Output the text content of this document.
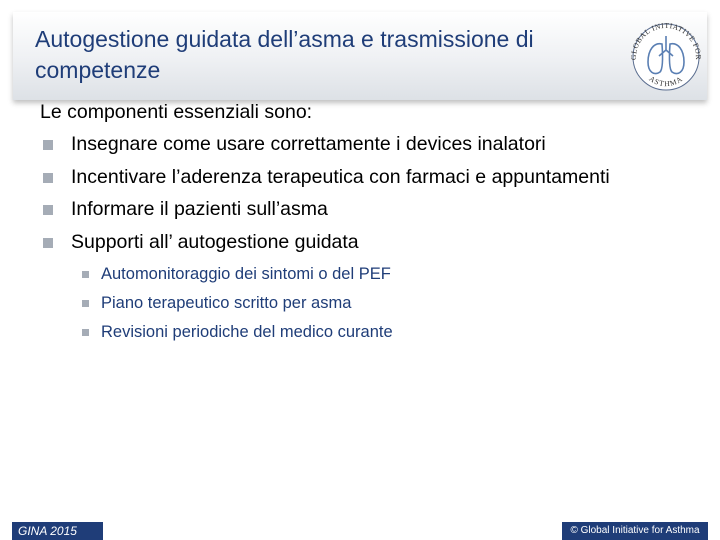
Autogestione guidata dell’asma e trasmissione di competenze	GLOBAL INITIATIVE FOR
ASTHMA

Le componenti essenziali sono:

Insegnare come usare correttamente i devices inalatori
Incentivare l’aderenza terapeutica con farmaci e appuntamenti
Informare il pazienti sull’asma
Supporti all’ autogestione guidata
Automonitoraggio dei sintomi o del PEF
Piano terapeutico scritto per asma
Revisioni periodiche del medico curante
GINA 2015	© Global Initiative for Asthma
